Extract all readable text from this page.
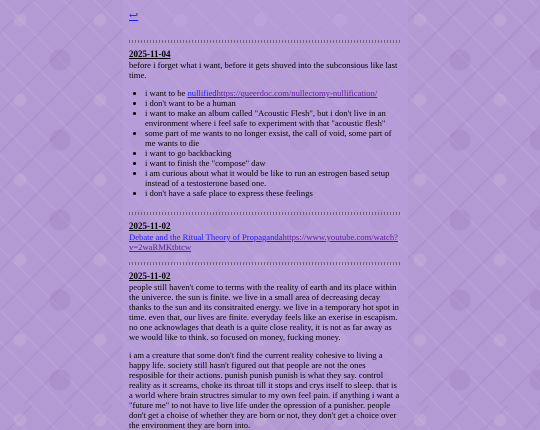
↩
2025-11-04

before i forget what i want, before it gets shuved into the subconsious like last time.

• i want to be nullifiedhttps://queerdoc.com/nullectomy-nullification/
• i don't want to be a human
• i want to make an album called "Acoustic Flesh", but i don't live in an environment where i feel safe to experiment with that "acoustic flesh"
• some part of me wants to no longer exsist, the call of void, some part of me wants to die
• i want to go backbacking
• i want to finish the "compose" daw
• i am curious about what it would be like to run an estrogen based setup instead of a testosterone based one.
• i don't have a safe place to express these feelings
2025-11-02

Debate and the Ritual Theory of Propagandahttps://www.youtube.com/watch?v=2waRMKtbtcw

2025-11-02

people still haven't come to terms with the reality of earth and its place within the univerce. the sun is finite. we live in a small area of decreasing decay thanks to the sun and its consitraited energy. we live in a temporary hot spot in time. even that, our lives are finite. everyday feels like an exerise in escapism. no one acknowlages that death is a quite close reality, it is not as far away as we would like to think. so focused on money, fucking money.

i am a creature that some don't find the current reality cohesive to living a happy life. society still hasn't figured out that people are not the ones resposible for their actions. punish punish punish is what they say. control reality as it screams, choke its throat till it stops and crys itself to sleep. that is a world where brain structres simular to my own feel pain. if anything i want a "future me" to not have to live life under the opression of a punisher. people don't get a choise of whether they are born or not, they don't get a choice over the environment they are born into.
